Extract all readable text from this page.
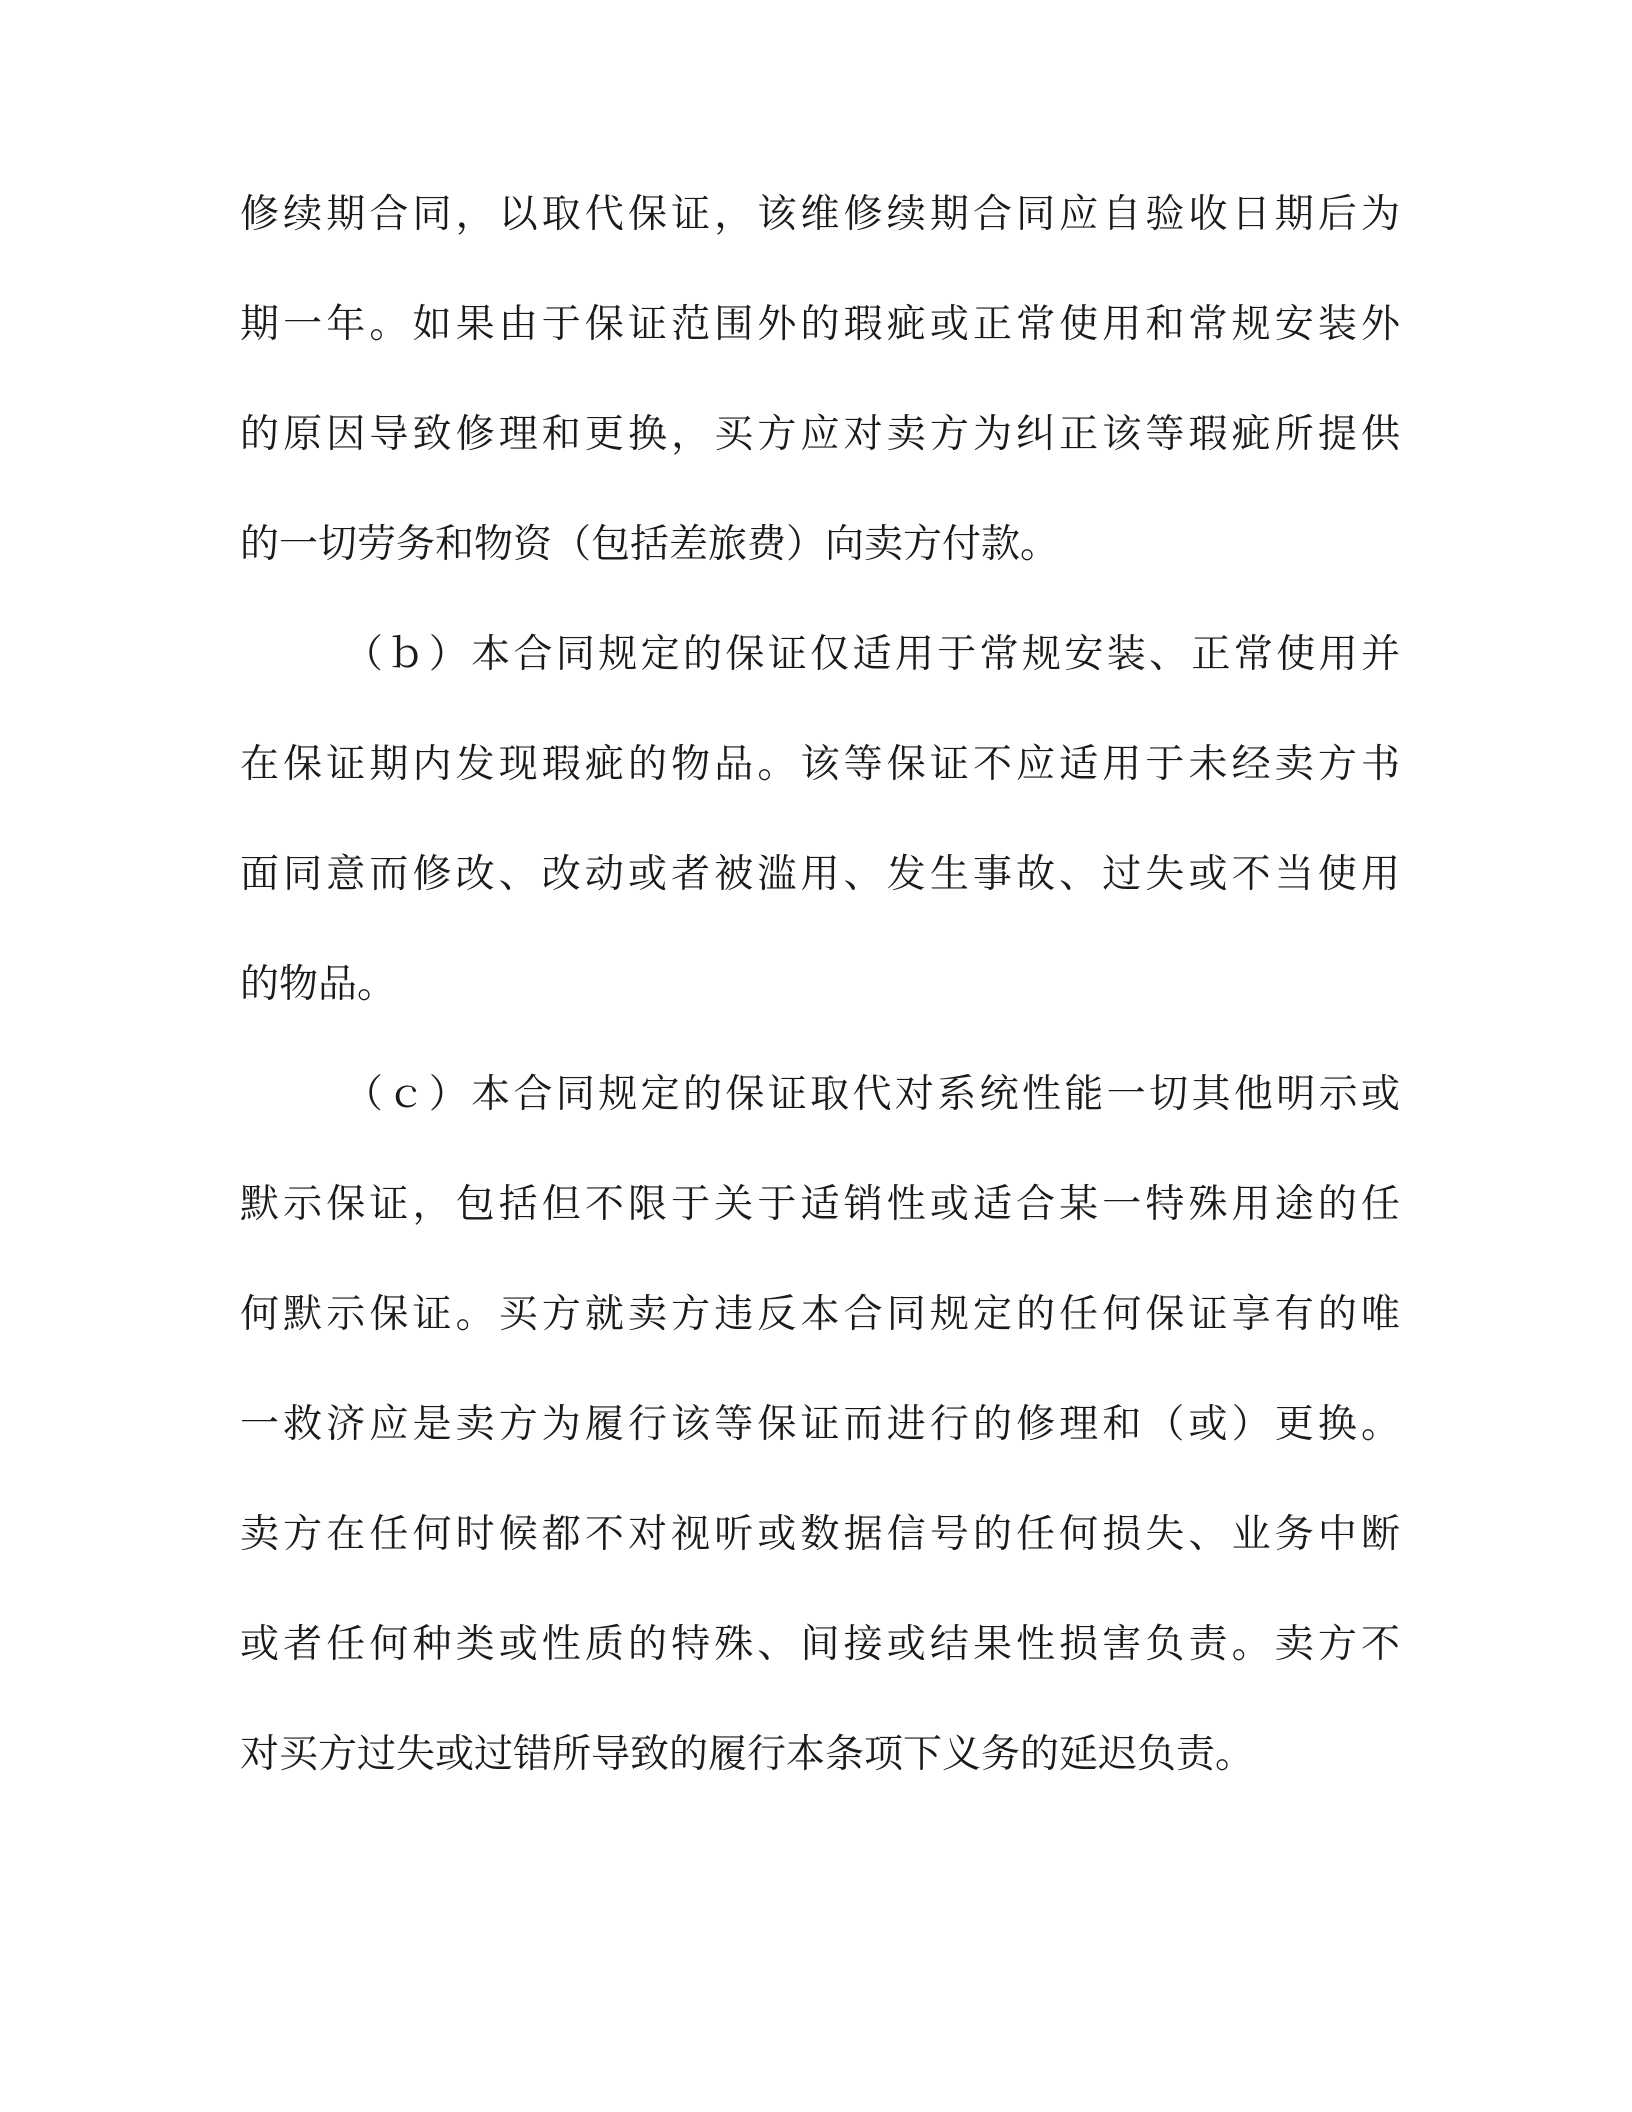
修续期合同，以取代保证，该维修续期合同应自验收日期后为
期一年。如果由于保证范围外的瑕疵或正常使用和常规安装外
的原因导致修理和更换，买方应对卖方为纠正该等瑕疵所提供
的一切劳务和物资（包括差旅费）向卖方付款。
（ｂ）本合同规定的保证仅适用于常规安装、正常使用并
在保证期内发现瑕疵的物品。该等保证不应适用于未经卖方书
面同意而修改、改动或者被滥用、发生事故、过失或不当使用
的物品。
（ｃ）本合同规定的保证取代对系统性能一切其他明示或
默示保证，包括但不限于关于适销性或适合某一特殊用途的任
何默示保证。买方就卖方违反本合同规定的任何保证享有的唯
一救济应是卖方为履行该等保证而进行的修理和（或）更换。
卖方在任何时候都不对视听或数据信号的任何损失、业务中断
或者任何种类或性质的特殊、间接或结果性损害负责。卖方不
对买方过失或过错所导致的履行本条项下义务的延迟负责。
